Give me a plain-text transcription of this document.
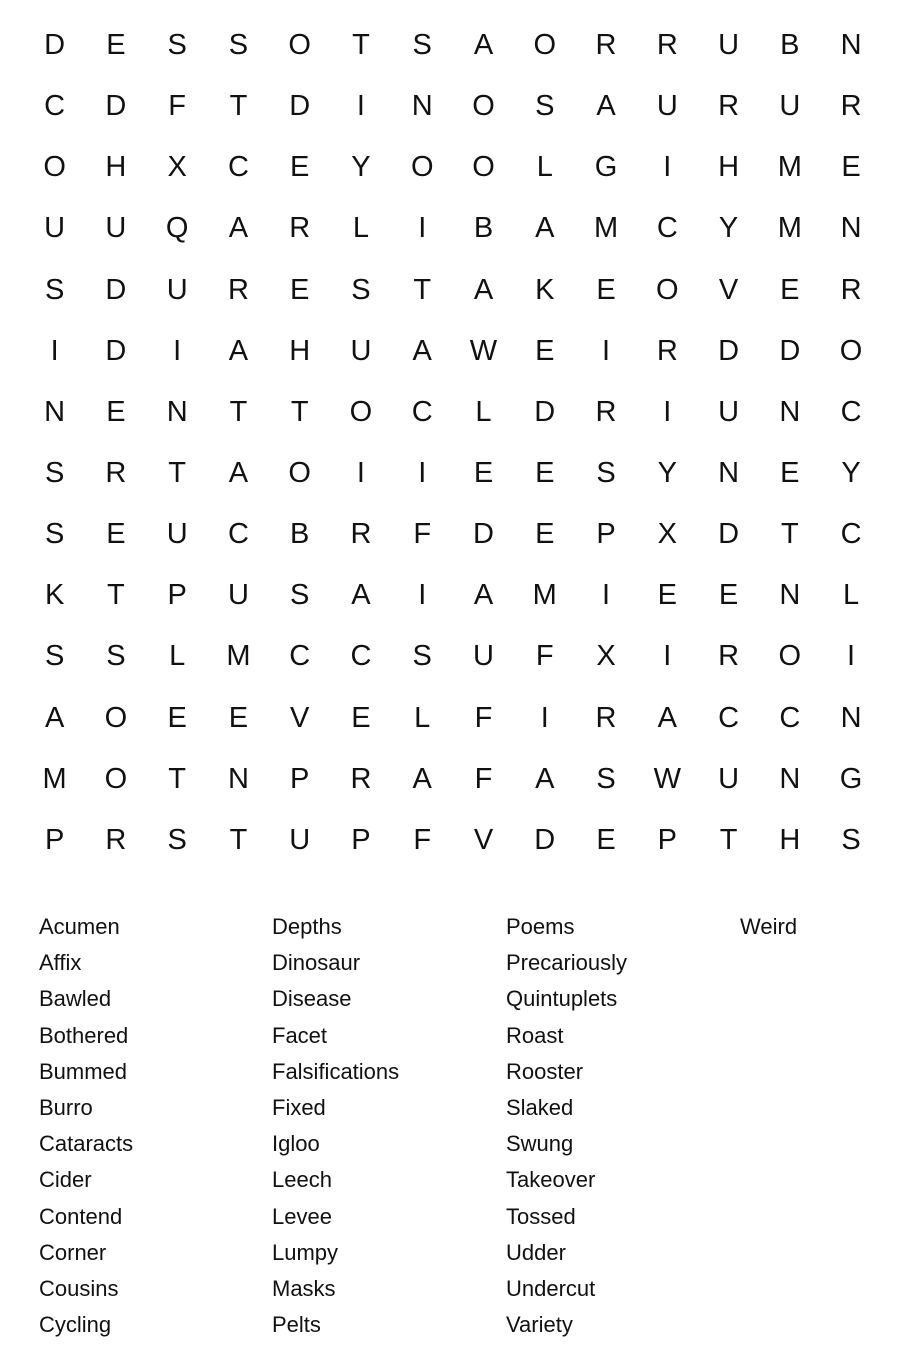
D	E	S	S	O	T	S	A	O	R	R	U	B	N
C	D	F	T	D	I	N	O	S	A	U	R	U	R
O	H	X	C	E	Y	O	O	L	G	I	H	M	E
U	U	Q	A	R	L	I	B	A	M	C	Y	M	N
S	D	U	R	E	S	T	A	K	E	O	V	E	R
I	D	I	A	H	U	A	W	E	I	R	D	D	O
N	E	N	T	T	O	C	L	D	R	I	U	N	C
S	R	T	A	O	I	I	E	E	S	Y	N	E	Y
S	E	U	C	B	R	F	D	E	P	X	D	T	C
K	T	P	U	S	A	I	A	M	I	E	E	N	L
S	S	L	M	C	C	S	U	F	X	I	R	O	I
A	O	E	E	V	E	L	F	I	R	A	C	C	N
M	O	T	N	P	R	A	F	A	S	W	U	N	G
P	R	S	T	U	P	F	V	D	E	P	T	H	S
Acumen
Affix
Bawled
Bothered
Bummed
Burro
Cataracts
Cider
Contend
Corner
Cousins
Cycling
Depths
Dinosaur
Disease
Facet
Falsifications
Fixed
Igloo
Leech
Levee
Lumpy
Masks
Pelts
Poems
Precariously
Quintuplets
Roast
Rooster
Slaked
Swung
Takeover
Tossed
Udder
Undercut
Variety
Weird
